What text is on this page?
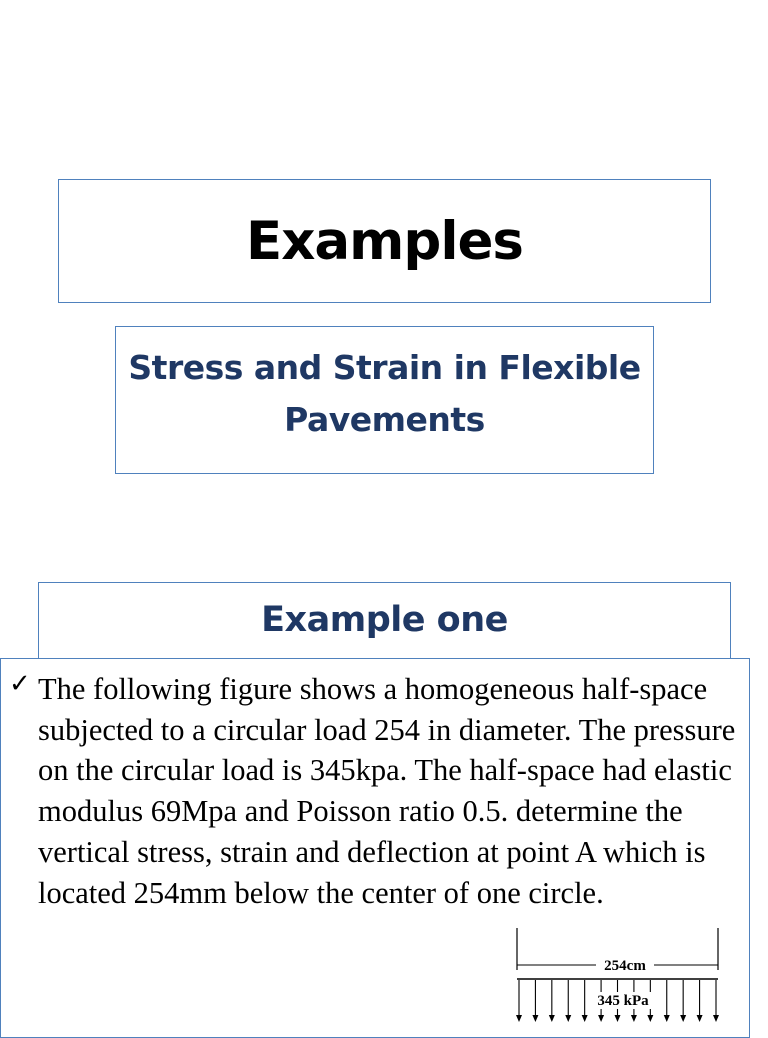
Examples
Stress and Strain in Flexible Pavements
Example one
✓ The following figure shows a homogeneous half-space subjected to a circular load 254 in diameter. The pressure on the circular load is 345kpa. The half-space had elastic modulus 69Mpa and Poisson ratio 0.5. determine the vertical stress, strain and deflection at point A which is located 254mm below the center of one circle.

254cm
345 kPa
